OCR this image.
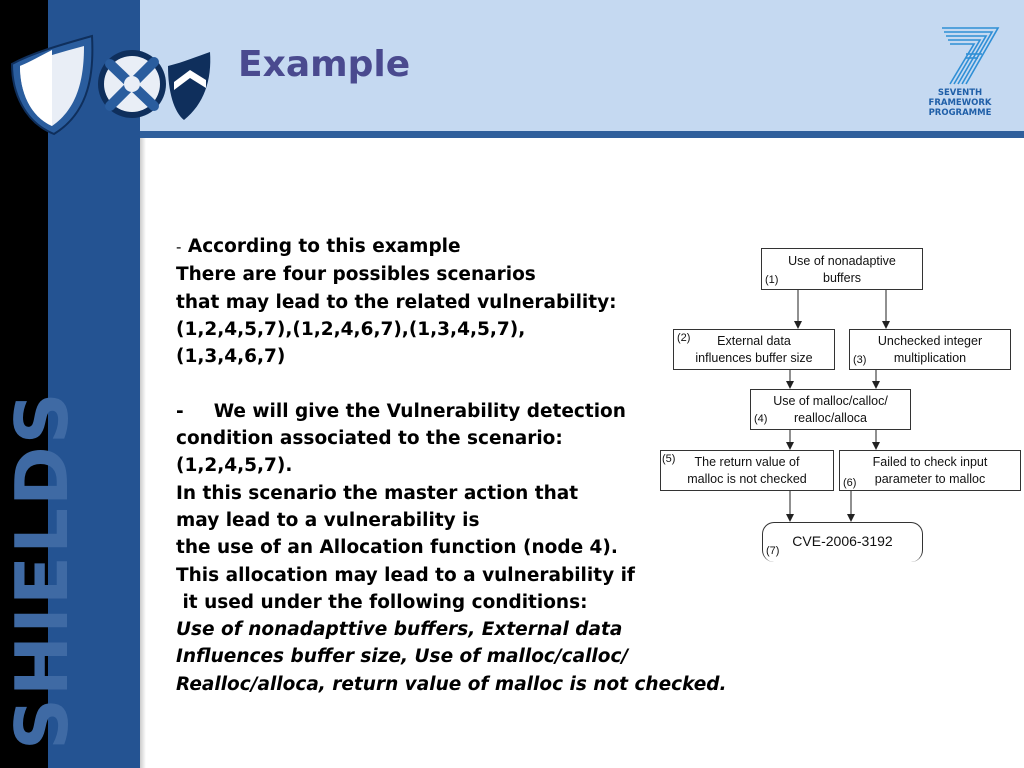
SHIELDS
Example
SEVENTH FRAMEWORK
PROGRAMME
- According to this example
There are four possibles scenarios
that may lead to the related vulnerability:
(1,2,4,5,7),(1,2,4,6,7),(1,3,4,5,7),
(1,3,4,6,7)
- We will give the Vulnerability detection
condition associated to the scenario:
(1,2,4,5,7).
In this scenario the master action that
may lead to a vulnerability is
the use of an Allocation function (node 4).
This allocation may lead to a vulnerability if
it used under the following conditions:
Use of nonadapttive buffers, External data
Influences buffer size, Use of malloc/calloc/
Realloc/alloca, return value of malloc is not checked.
Use of nonadaptive
buffers
(1)
External data
influences buffer size
(2)	Unchecked integer
multiplication
(3)
Use of malloc/calloc/
realloc/alloca
(4)
The return value of
malloc is not checked
(5)	Failed to check input
parameter to malloc
(6)
CVE-2006-3192
(7)
